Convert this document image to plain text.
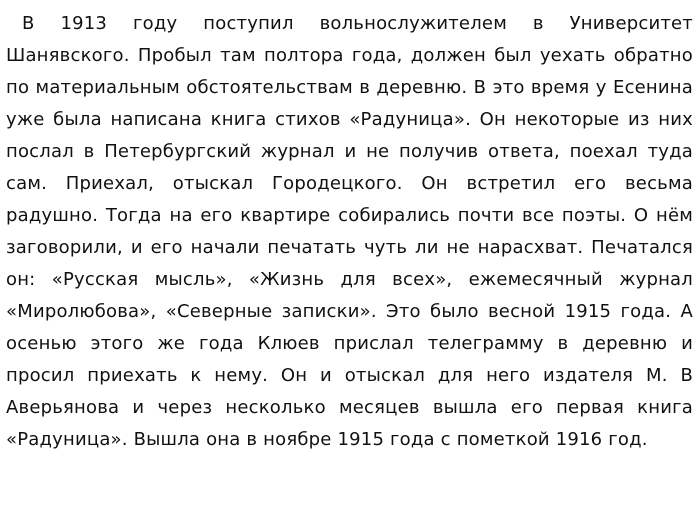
В 1913 году поступил вольнослужителем в Университет Шанявского. Пробыл там полтора года, должен был уехать обратно по материальным обстоятельствам в деревню. В это время у Есенина уже была написана книга стихов «Радуница». Он некоторые из них послал в Петербургский журнал и не получив ответа, поехал туда сам. Приехал, отыскал Городецкого. Он встретил его весьма радушно. Тогда на его квартире собирались почти все поэты. О нём заговорили, и его начали печатать чуть ли не нарасхват. Печатался он: «Русская мысль», «Жизнь для всех», ежемесячный журнал «Миролюбова», «Северные записки». Это было весной 1915 года. А осенью этого же года Клюев прислал телеграмму в деревню и просил приехать к нему. Он и отыскал для него издателя М. В Аверьянова и через несколько месяцев вышла его первая книга «Радуница». Вышла она в ноябре 1915 года с пометкой 1916 год.
